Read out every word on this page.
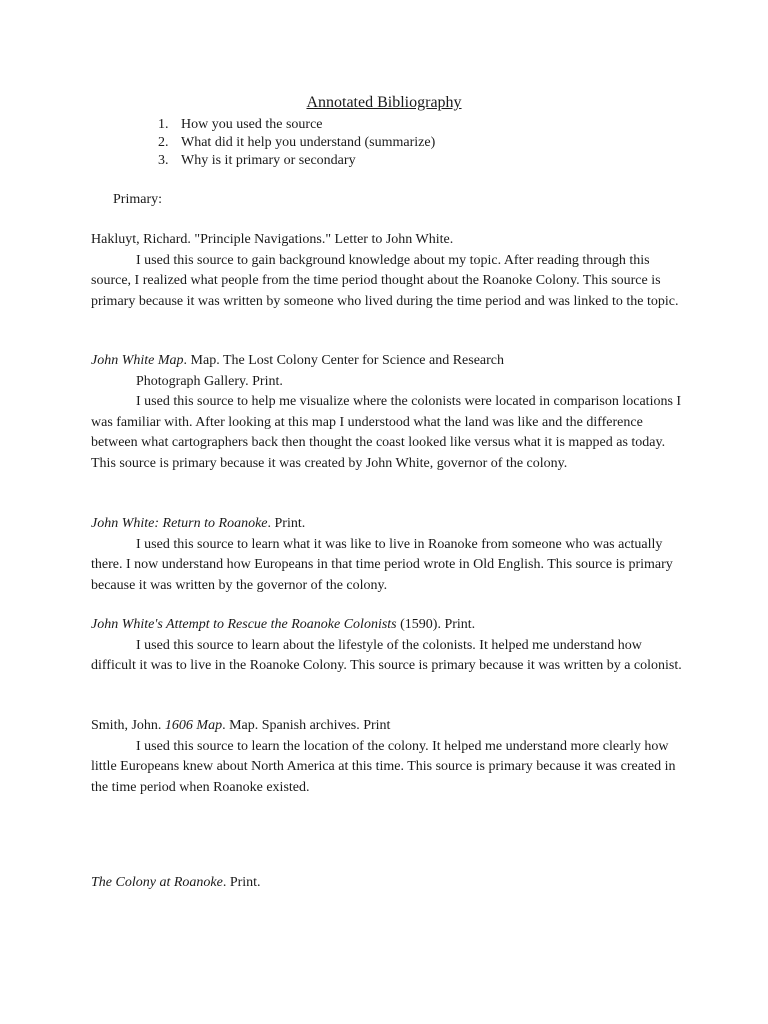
Annotated Bibliography
1. How you used the source
2. What did it help you understand (summarize)
3. Why is it primary or secondary

Primary:

Hakluyt, Richard. "Principle Navigations." Letter to John White.

I used this source to gain background knowledge about my topic. After reading through this source, I realized what people from the time period thought about the Roanoke Colony. This source is primary because it was written by someone who lived during the time period and was linked to the topic.

John White Map. Map. The Lost Colony Center for Science and Research
Photograph Gallery. Print.

I used this source to help me visualize where the colonists were located in comparison locations I was familiar with. After looking at this map I understood what the land was like and the difference between what cartographers back then thought the coast looked like versus what it is mapped as today. This source is primary because it was created by John White, governor of the colony.

John White: Return to Roanoke. Print.

I used this source to learn what it was like to live in Roanoke from someone who was actually there. I now understand how Europeans in that time period wrote in Old English. This source is primary because it was written by the governor of the colony.

John White's Attempt to Rescue the Roanoke Colonists (1590). Print.

I used this source to learn about the lifestyle of the colonists. It helped me understand how difficult it was to live in the Roanoke Colony. This source is primary because it was written by a colonist.

Smith, John. 1606 Map. Map. Spanish archives. Print

I used this source to learn the location of the colony. It helped me understand more clearly how little Europeans knew about North America at this time. This source is primary because it was created in the time period when Roanoke existed.

The Colony at Roanoke. Print.
